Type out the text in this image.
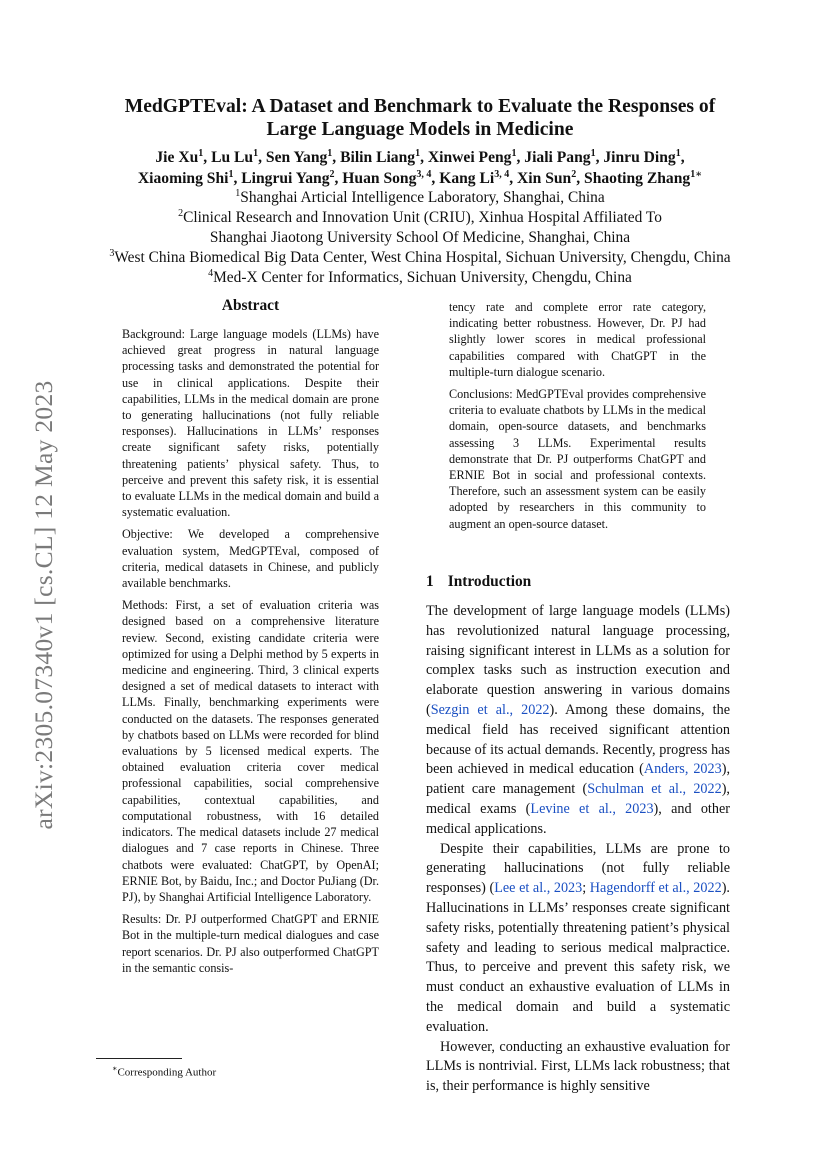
arXiv:2305.07340v1 [cs.CL] 12 May 2023
MedGPTEval: A Dataset and Benchmark to Evaluate the Responses of
Large Language Models in Medicine
Jie Xu$^1$, Lu Lu$^1$, Sen Yang$^1$, Bilin Liang$^1$, Xinwei Peng$^1$, Jiali Pang$^1$, Jinru Ding$^1$,
Xiaoming Shi$^1$, Lingrui Yang$^2$, Huan Song$^{3, 4}$, Kang Li$^{3, 4}$, Xin Sun$^2$, Shaoting Zhang$^{1∗}$
$^1$Shanghai Articial Intelligence Laboratory, Shanghai, China
$^2$Clinical Research and Innovation Unit (CRIU), Xinhua Hospital Affiliated To
Shanghai Jiaotong University School Of Medicine, Shanghai, China
$^3$West China Biomedical Big Data Center, West China Hospital, Sichuan University, Chengdu, China
$^4$Med-X Center for Informatics, Sichuan University, Chengdu, China
Abstract

Background: Large language models (LLMs) have achieved great progress in natural language processing tasks and demonstrated the potential for use in clinical applications. Despite their capabilities, LLMs in the medical domain are prone to generating hallucinations (not fully reliable responses). Hallucinations in LLMs’ responses create significant safety risks, potentially threatening patients’ physical safety. Thus, to perceive and prevent this safety risk, it is essential to evaluate LLMs in the medical domain and build a systematic evaluation.

Objective: We developed a comprehensive evaluation system, MedGPTEval, composed of criteria, medical datasets in Chinese, and publicly available benchmarks.

Methods: First, a set of evaluation criteria was designed based on a comprehensive literature review. Second, existing candidate criteria were optimized for using a Delphi method by 5 experts in medicine and engineering. Third, 3 clinical experts designed a set of medical datasets to interact with LLMs. Finally, benchmarking experiments were conducted on the datasets. The responses generated by chatbots based on LLMs were recorded for blind evaluations by 5 licensed medical experts. The obtained evaluation criteria cover medical professional capabilities, social comprehensive capabilities, contextual capabilities, and computational robustness, with 16 detailed indicators. The medical datasets include 27 medical dialogues and 7 case reports in Chinese. Three chatbots were evaluated: ChatGPT, by OpenAI; ERNIE Bot, by Baidu, Inc.; and Doctor PuJiang (Dr. PJ), by Shanghai Artificial Intelligence Laboratory.

Results: Dr. PJ outperformed ChatGPT and ERNIE Bot in the multiple-turn medical dialogues and case report scenarios. Dr. PJ also outperformed ChatGPT in the semantic consis-

tency rate and complete error rate category, indicating better robustness. However, Dr. PJ had slightly lower scores in medical professional capabilities compared with ChatGPT in the multiple-turn dialogue scenario.

Conclusions: MedGPTEval provides comprehensive criteria to evaluate chatbots by LLMs in the medical domain, open-source datasets, and benchmarks assessing 3 LLMs. Experimental results demonstrate that Dr. PJ outperforms ChatGPT and ERNIE Bot in social and professional contexts. Therefore, such an assessment system can be easily adopted by researchers in this community to augment an open-source dataset.

1 Introduction

The development of large language models (LLMs) has revolutionized natural language processing, raising significant interest in LLMs as a solution for complex tasks such as instruction execution and elaborate question answering in various domains (Sezgin et al., 2022). Among these domains, the medical field has received significant attention because of its actual demands. Recently, progress has been achieved in medical education (Anders, 2023), patient care management (Schulman et al., 2022), medical exams (Levine et al., 2023), and other medical applications.

Despite their capabilities, LLMs are prone to generating hallucinations (not fully reliable responses) (Lee et al., 2023; Hagendorff et al., 2022). Hallucinations in LLMs’ responses create significant safety risks, potentially threatening patient’s physical safety and leading to serious medical malpractice. Thus, to perceive and prevent this safety risk, we must conduct an exhaustive evaluation of LLMs in the medical domain and build a systematic evaluation.

However, conducting an exhaustive evaluation for LLMs is nontrivial. First, LLMs lack robustness; that is, their performance is highly sensitive

∗Corresponding Author
